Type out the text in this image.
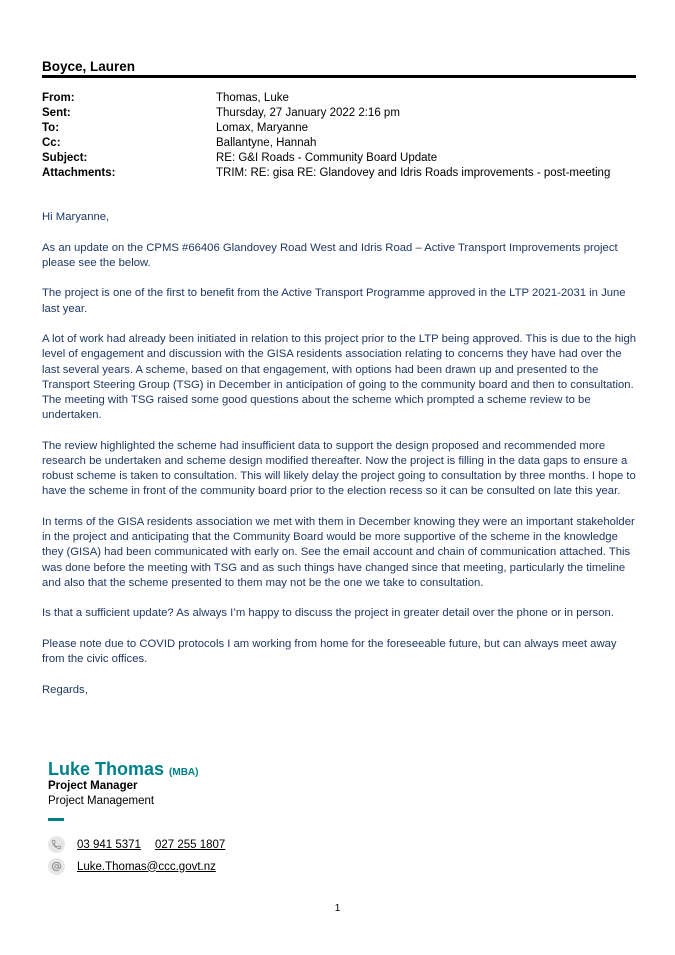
Boyce, Lauren
From:	Thomas, Luke
Sent:	Thursday, 27 January 2022 2:16 pm
To:	Lomax, Maryanne
Cc:	Ballantyne, Hannah
Subject:	RE: G&I Roads - Community Board Update
Attachments:	TRIM: RE: gisa RE: Glandovey and Idris Roads improvements - post-meeting

Hi Maryanne,

As an update on the CPMS #66406 Glandovey Road West and Idris Road – Active Transport Improvements project please see the below.

The project is one of the first to benefit from the Active Transport Programme approved in the LTP 2021-2031 in June last year.

A lot of work had already been initiated in relation to this project prior to the LTP being approved. This is due to the high level of engagement and discussion with the GISA residents association relating to concerns they have had over the last several years. A scheme, based on that engagement, with options had been drawn up and presented to the Transport Steering Group (TSG) in December in anticipation of going to the community board and then to consultation. The meeting with TSG raised some good questions about the scheme which prompted a scheme review to be undertaken.

The review highlighted the scheme had insufficient data to support the design proposed and recommended more research be undertaken and scheme design modified thereafter. Now the project is filling in the data gaps to ensure a robust scheme is taken to consultation. This will likely delay the project going to consultation by three months. I hope to have the scheme in front of the community board prior to the election recess so it can be consulted on late this year.

In terms of the GISA residents association we met with them in December knowing they were an important stakeholder in the project and anticipating that the Community Board would be more supportive of the scheme in the knowledge they (GISA) had been communicated with early on. See the email account and chain of communication attached. This was done before the meeting with TSG and as such things have changed since that meeting, particularly the timeline and also that the scheme presented to them may not be the one we take to consultation.

Is that a sufficient update? As always I’m happy to discuss the project in greater detail over the phone or in person.

Please note due to COVID protocols I am working from home for the foreseeable future, but can always meet away from the civic offices.

Regards,

Luke Thomas (MBA)
Project Manager
Project Management
03 941 5371 027 255 1807
Luke.Thomas@ccc.govt.nz
1
